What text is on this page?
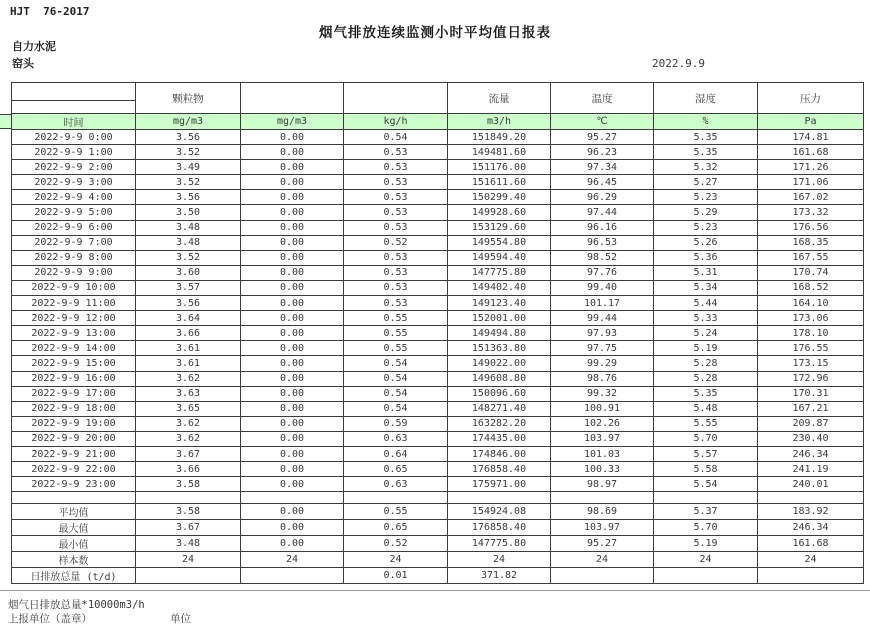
HJT  76-2017
烟气排放连续监测小时平均值日报表
自力水泥
窑头	2022.9.9
	颗粒物			流量	温度	湿度	压力

时间	mg/m3	mg/m3	kg/h	m3/h	℃	%	Pa
2022-9-9 0:00	3.56	0.00	0.54	151849.20	95.27	5.35	174.81
2022-9-9 1:00	3.52	0.00	0.53	149481.60	96.23	5.35	161.68
2022-9-9 2:00	3.49	0.00	0.53	151176.00	97.34	5.32	171.26
2022-9-9 3:00	3.52	0.00	0.53	151611.60	96.45	5.27	171.06
2022-9-9 4:00	3.56	0.00	0.53	150299.40	96.29	5.23	167.02
2022-9-9 5:00	3.50	0.00	0.53	149928.60	97.44	5.29	173.32
2022-9-9 6:00	3.48	0.00	0.53	153129.60	96.16	5.23	176.56
2022-9-9 7:00	3.48	0.00	0.52	149554.80	96.53	5.26	168.35
2022-9-9 8:00	3.52	0.00	0.53	149594.40	98.52	5.36	167.55
2022-9-9 9:00	3.60	0.00	0.53	147775.80	97.76	5.31	170.74
2022-9-9 10:00	3.57	0.00	0.53	149402.40	99.40	5.34	168.52
2022-9-9 11:00	3.56	0.00	0.53	149123.40	101.17	5.44	164.10
2022-9-9 12:00	3.64	0.00	0.55	152001.00	99.44	5.33	173.06
2022-9-9 13:00	3.66	0.00	0.55	149494.80	97.93	5.24	178.10
2022-9-9 14:00	3.61	0.00	0.55	151363.80	97.75	5.19	176.55
2022-9-9 15:00	3.61	0.00	0.54	149022.00	99.29	5.28	173.15
2022-9-9 16:00	3.62	0.00	0.54	149608.80	98.76	5.28	172.96
2022-9-9 17:00	3.63	0.00	0.54	150096.60	99.32	5.35	170.31
2022-9-9 18:00	3.65	0.00	0.54	148271.40	100.91	5.48	167.21
2022-9-9 19:00	3.62	0.00	0.59	163282.20	102.26	5.55	209.87
2022-9-9 20:00	3.62	0.00	0.63	174435.00	103.97	5.70	230.40
2022-9-9 21:00	3.67	0.00	0.64	174846.00	101.03	5.57	246.34
2022-9-9 22:00	3.66	0.00	0.65	176858.40	100.33	5.58	241.19
2022-9-9 23:00	3.58	0.00	0.63	175971.00	98.97	5.54	240.01

平均值	3.58	0.00	0.55	154924.08	98.69	5.37	183.92
最大值	3.67	0.00	0.65	176858.40	103.97	5.70	246.34
最小值	3.48	0.00	0.52	147775.80	95.27	5.19	161.68
样本数	24	24	24	24	24	24	24
日排放总量 (t/d)			0.01	371.82			
烟气日排放总量*10000m3/h
上报单位（盖章）	单位
